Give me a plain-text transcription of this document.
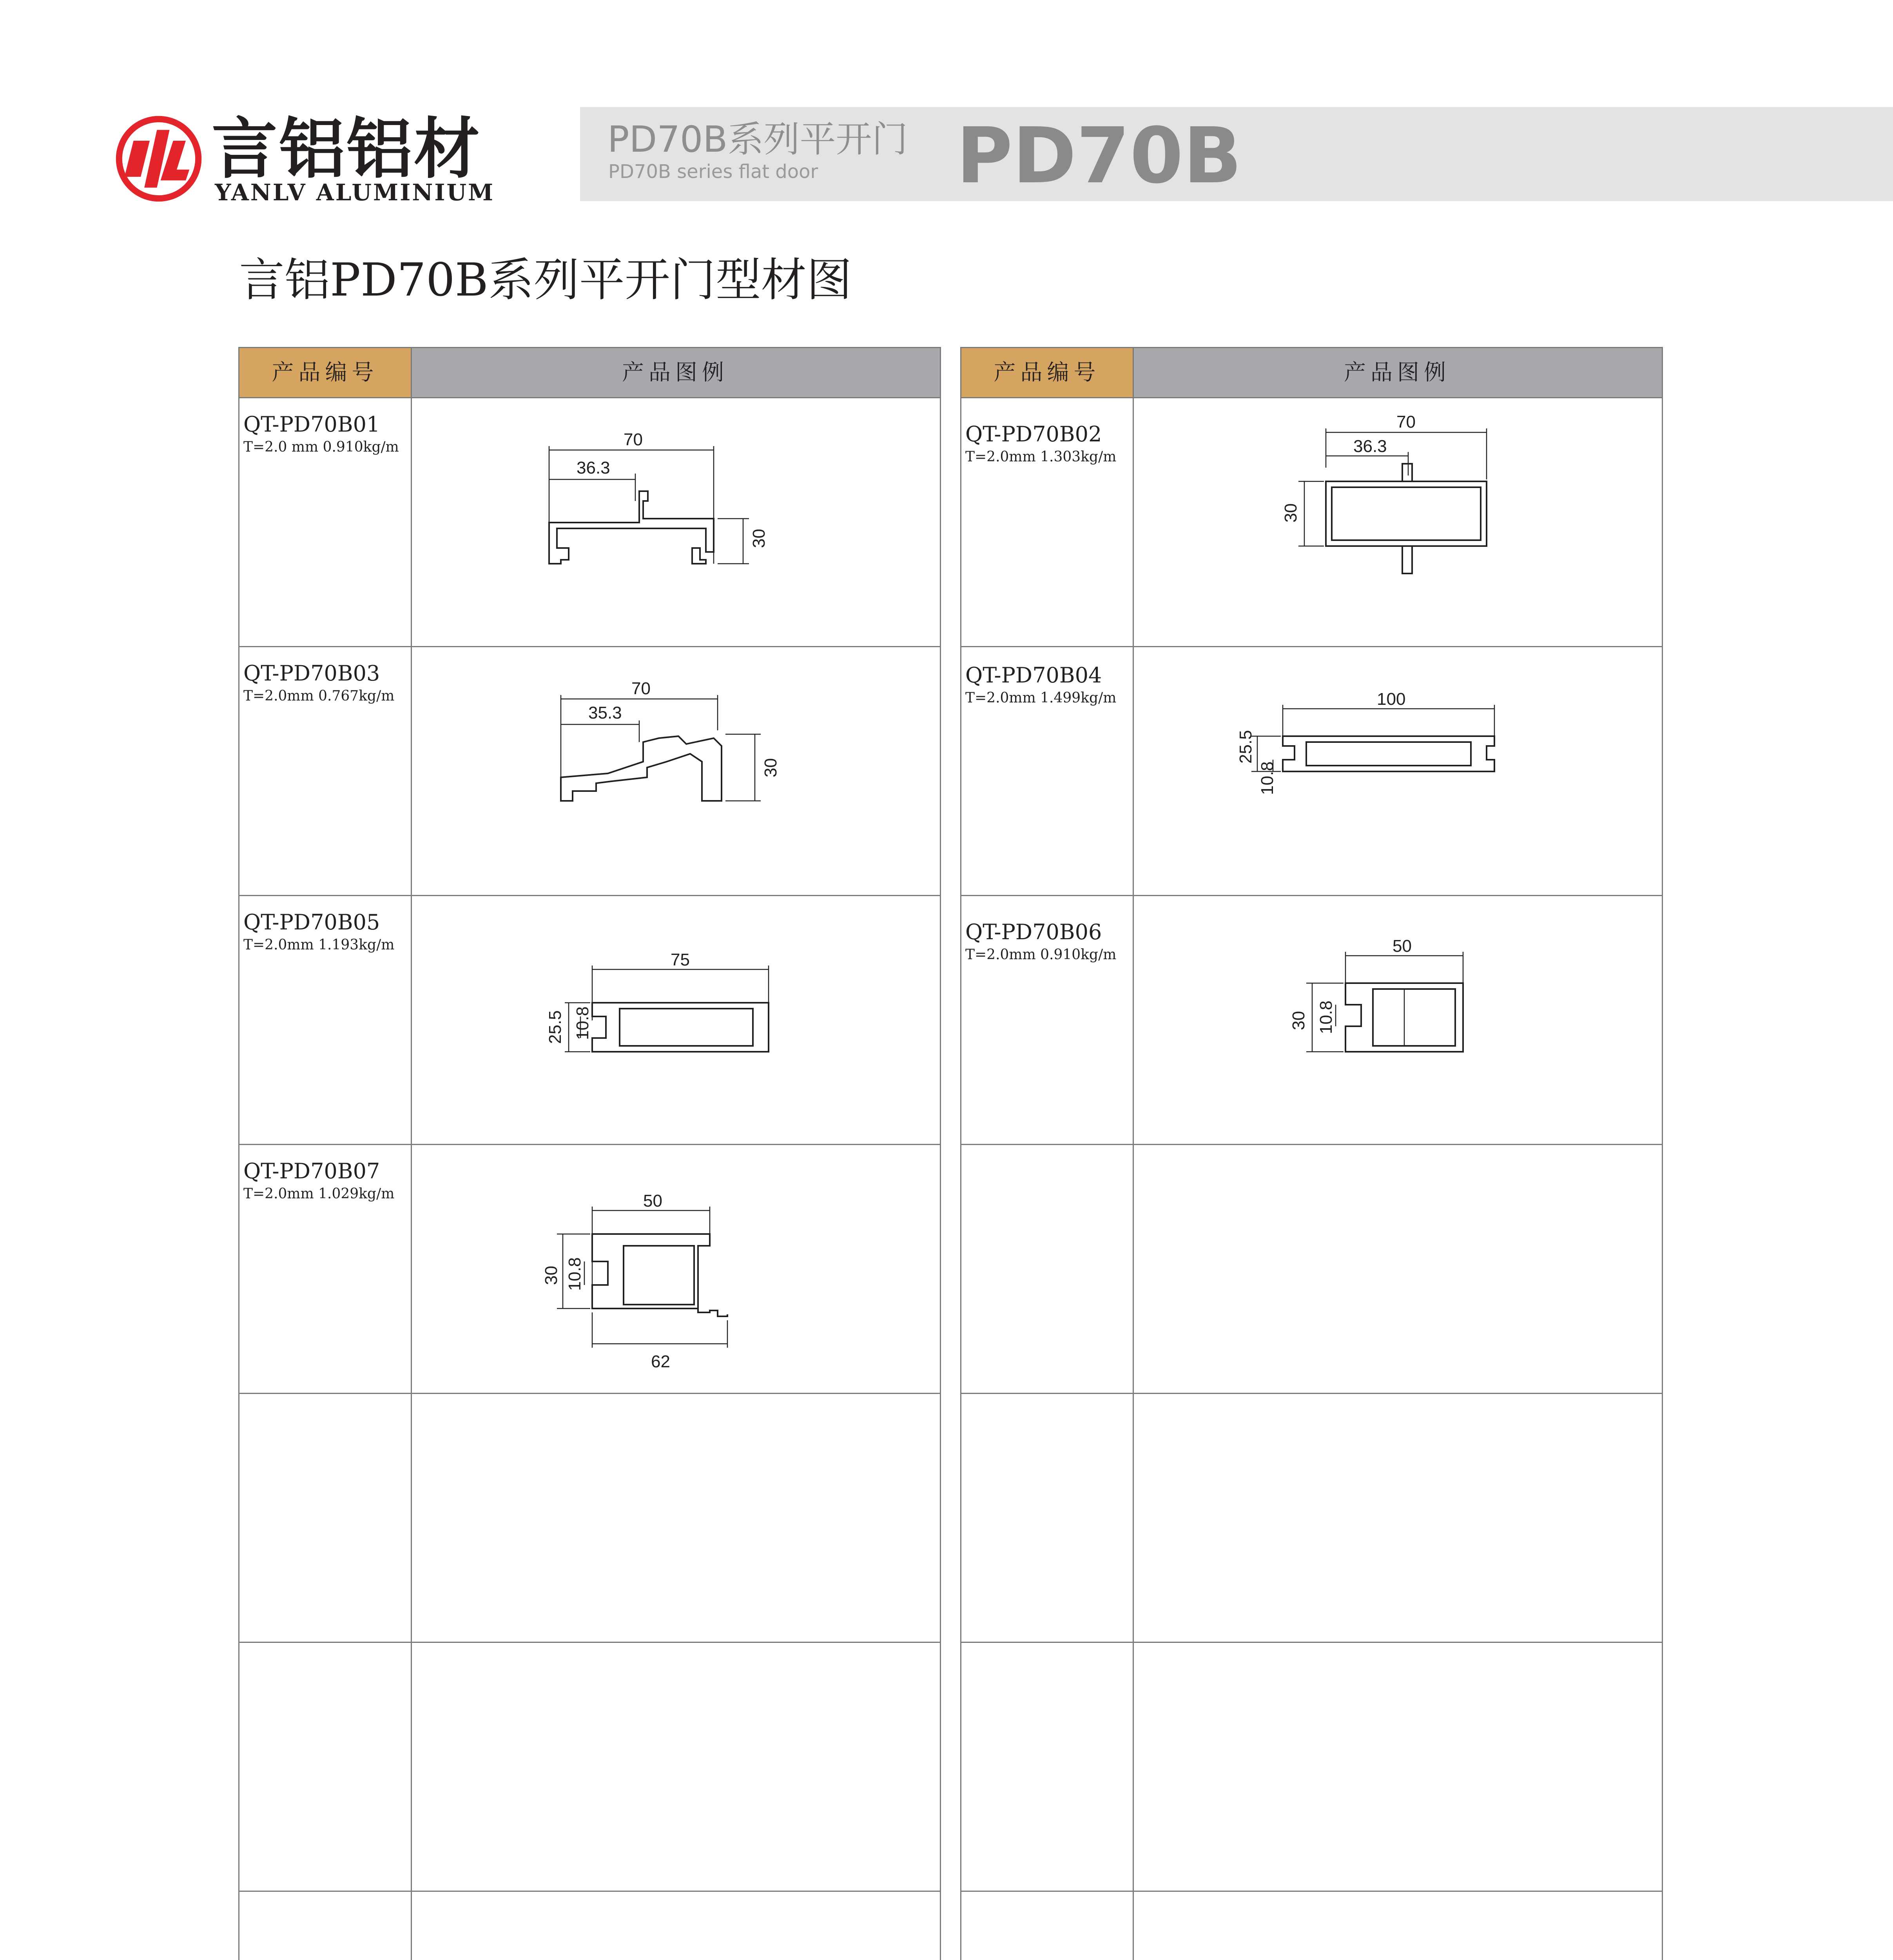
言铝铝材
YANLV ALUMINIUM
PD70B系列平开门
PD70B series flat door PD70B
言铝PD70B系列平开门型材图
产品编号	产品图例
QT-PD70B01
T=2.0 mm 0.910kg/m	70
36.3
30
QT-PD70B03
T=2.0mm 0.767kg/m	70
35.3
30
QT-PD70B05
T=2.0mm 1.193kg/m
75
25.5 10.8
QT-PD70B07
T=2.0mm 1.029kg/m	50
30 10.8
62
产品编号	产品图例
QT-PD70B02
T=2.0mm 1.303kg/m
70
36.3
30
QT-PD70B04
T=2.0mm 1.499kg/m	100
25.5
10.8
QT-PD70B06
T=2.0mm 0.910kg/m	50
30 10.8
